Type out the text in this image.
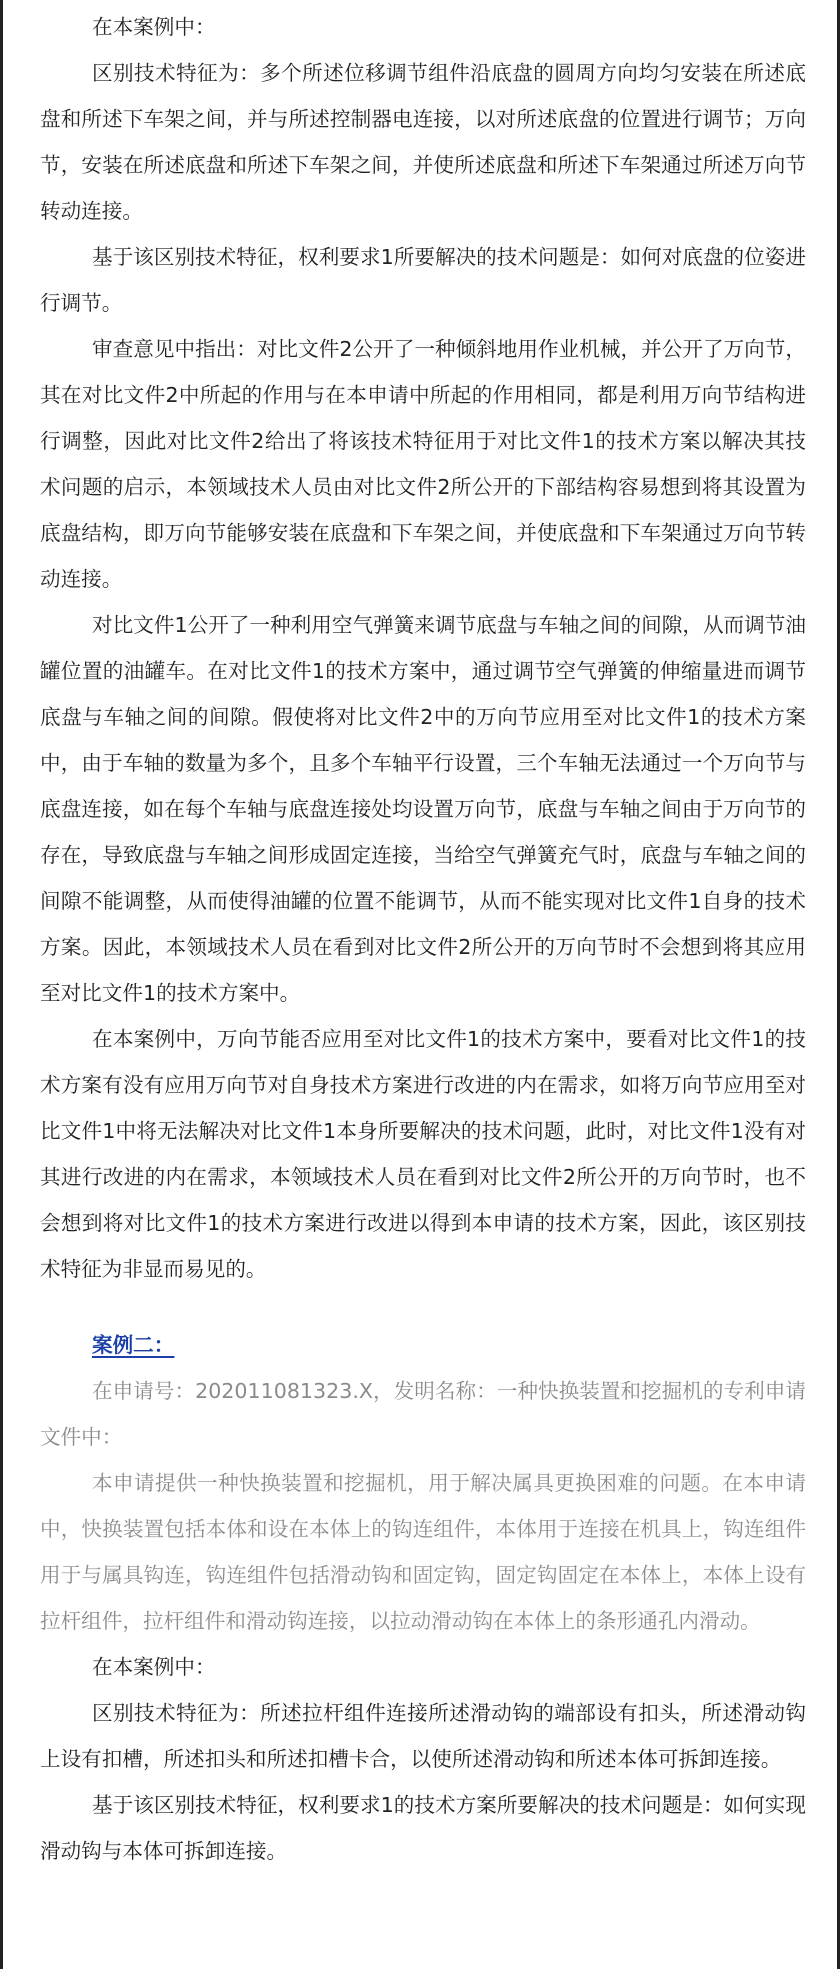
在本案例中：

区别技术特征为：多个所述位移调节组件沿底盘的圆周方向均匀安装在所述底盘和所述下车架之间，并与所述控制器电连接，以对所述底盘的位置进行调节；万向节，安装在所述底盘和所述下车架之间，并使所述底盘和所述下车架通过所述万向节转动连接。

基于该区别技术特征，权利要求1所要解决的技术问题是：如何对底盘的位姿进行调节。

审查意见中指出：对比文件2公开了一种倾斜地用作业机械，并公开了万向节，其在对比文件2中所起的作用与在本申请中所起的作用相同，都是利用万向节结构进行调整，因此对比文件2给出了将该技术特征用于对比文件1的技术方案以解决其技术问题的启示，本领域技术人员由对比文件2所公开的下部结构容易想到将其设置为底盘结构，即万向节能够安装在底盘和下车架之间，并使底盘和下车架通过万向节转动连接。

对比文件1公开了一种利用空气弹簧来调节底盘与车轴之间的间隙，从而调节油罐位置的油罐车。在对比文件1的技术方案中，通过调节空气弹簧的伸缩量进而调节底盘与车轴之间的间隙。假使将对比文件2中的万向节应用至对比文件1的技术方案中，由于车轴的数量为多个，且多个车轴平行设置，三个车轴无法通过一个万向节与底盘连接，如在每个车轴与底盘连接处均设置万向节，底盘与车轴之间由于万向节的存在，导致底盘与车轴之间形成固定连接，当给空气弹簧充气时，底盘与车轴之间的间隙不能调整，从而使得油罐的位置不能调节，从而不能实现对比文件1自身的技术方案。因此，本领域技术人员在看到对比文件2所公开的万向节时不会想到将其应用至对比文件1的技术方案中。

在本案例中，万向节能否应用至对比文件1的技术方案中，要看对比文件1的技术方案有没有应用万向节对自身技术方案进行改进的内在需求，如将万向节应用至对比文件1中将无法解决对比文件1本身所要解决的技术问题，此时，对比文件1没有对其进行改进的内在需求，本领域技术人员在看到对比文件2所公开的万向节时，也不会想到将对比文件1的技术方案进行改进以得到本申请的技术方案，因此，该区别技术特征为非显而易见的。

案例二：

在申请号：202011081323.X，发明名称：一种快换装置和挖掘机的专利申请文件中：

本申请提供一种快换装置和挖掘机，用于解决属具更换困难的问题。在本申请中，快换装置包括本体和设在本体上的钩连组件，本体用于连接在机具上，钩连组件用于与属具钩连，钩连组件包括滑动钩和固定钩，固定钩固定在本体上，本体上设有拉杆组件，拉杆组件和滑动钩连接，以拉动滑动钩在本体上的条形通孔内滑动。

在本案例中：

区别技术特征为：所述拉杆组件连接所述滑动钩的端部设有扣头，所述滑动钩上设有扣槽，所述扣头和所述扣槽卡合，以使所述滑动钩和所述本体可拆卸连接。

基于该区别技术特征，权利要求1的技术方案所要解决的技术问题是：如何实现滑动钩与本体可拆卸连接。
